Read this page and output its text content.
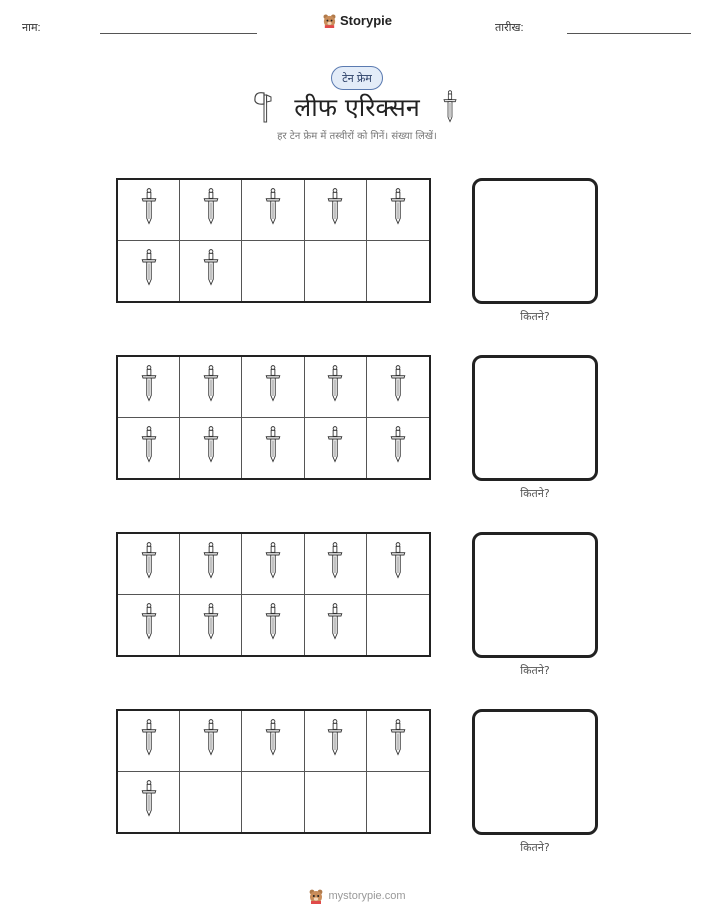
नाम:	Storypie	तारीख:
टेन फ्रेम
लीफ एरिक्सन
हर टेन फ्रेम में तस्वीरों को गिनें। संख्या लिखें।
कितने?
कितने?
कितने?
कितने?
mystorypie.com
